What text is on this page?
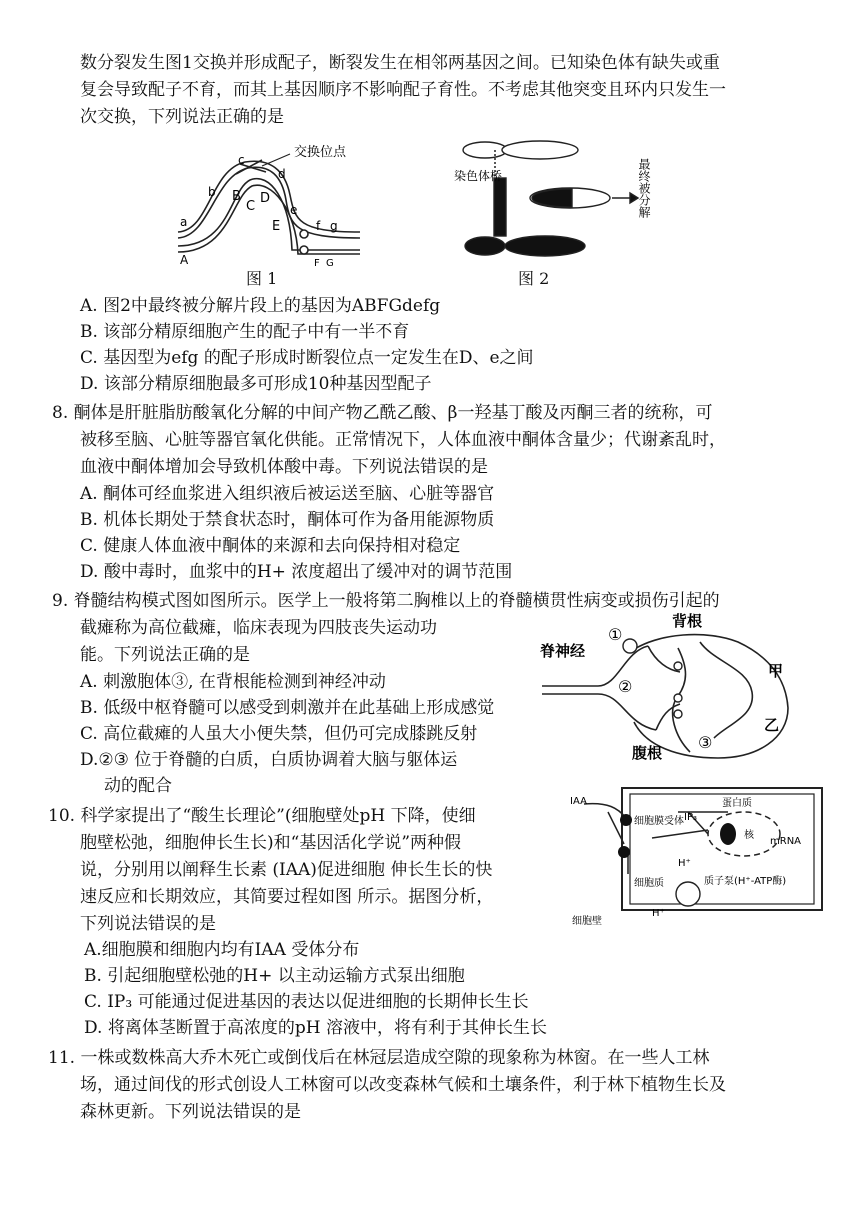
数分裂发生图1交换并形成配子，断裂发生在相邻两基因之间。已知染色体有缺失或重
复会导致配子不育，而其上基因顺序不影响配子育性。不考虑其他突变且环内只发生一
次交换，下列说法正确的是
交换位点
c
b
a
d
e
f g
B
C
D
E
A	F G
图 1
染色体桥	最终被分解
图 2
A. 图2中最终被分解片段上的基因为ABFGdefg
B. 该部分精原细胞产生的配子中有一半不育
C. 基因型为efg 的配子形成时断裂位点一定发生在D、e之间
D. 该部分精原细胞最多可形成10种基因型配子
8. 酮体是肝脏脂肪酸氧化分解的中间产物乙酰乙酸、β一羟基丁酸及丙酮三者的统称，可
被移至脑、心脏等器官氧化供能。正常情况下，人体血液中酮体含量少；代谢紊乱时，
血液中酮体增加会导致机体酸中毒。下列说法错误的是
A. 酮体可经血浆进入组织液后被运送至脑、心脏等器官
B. 机体长期处于禁食状态时，酮体可作为备用能源物质
C. 健康人体血液中酮体的来源和去向保持相对稳定
D. 酸中毒时，血浆中的H+ 浓度超出了缓冲对的调节范围
9. 脊髓结构模式图如图所示。医学上一般将第二胸椎以上的脊髓横贯性病变或损伤引起的
截瘫称为高位截瘫，临床表现为四肢丧失运动功
能。下列说法正确的是
A. 刺激胞体③, 在背根能检测到神经冲动
B. 低级中枢脊髓可以感受到刺激并在此基础上形成感觉
C. 高位截瘫的人虽大小便失禁，但仍可完成膝跳反射
D.②③ 位于脊髓的白质，白质协调着大脑与躯体运
动的配合
脊神经
背根
腹根
甲
乙
①
②
③
10. 科学家提出了“酸生长理论”(细胞壁处pH 下降，使细
胞壁松弛，细胞伸长生长)和“基因活化学说”两种假
说，分别用以阐释生长素 (IAA)促进细胞 伸长生长的快
速反应和长期效应，其简要过程如图 所示。据图分析，
下列说法错误的是
A.细胞膜和细胞内均有IAA 受体分布
B. 引起细胞壁松弛的H+ 以主动运输方式泵出细胞
C. IP₃ 可能通过促进基因的表达以促进细胞的长期伸长生长
D. 将离体茎断置于高浓度的pH 溶液中，将有利于其伸长生长
IAA
细胞膜受体 IP₃
蛋白质
核
mRNA
H⁺
细胞质	质子泵(H⁺-ATP酶)
细胞壁
H⁺
11. 一株或数株高大乔木死亡或倒伐后在林冠层造成空隙的现象称为林窗。在一些人工林
场，通过间伐的形式创设人工林窗可以改变森林气候和土壤条件，利于林下植物生长及
森林更新。下列说法错误的是
